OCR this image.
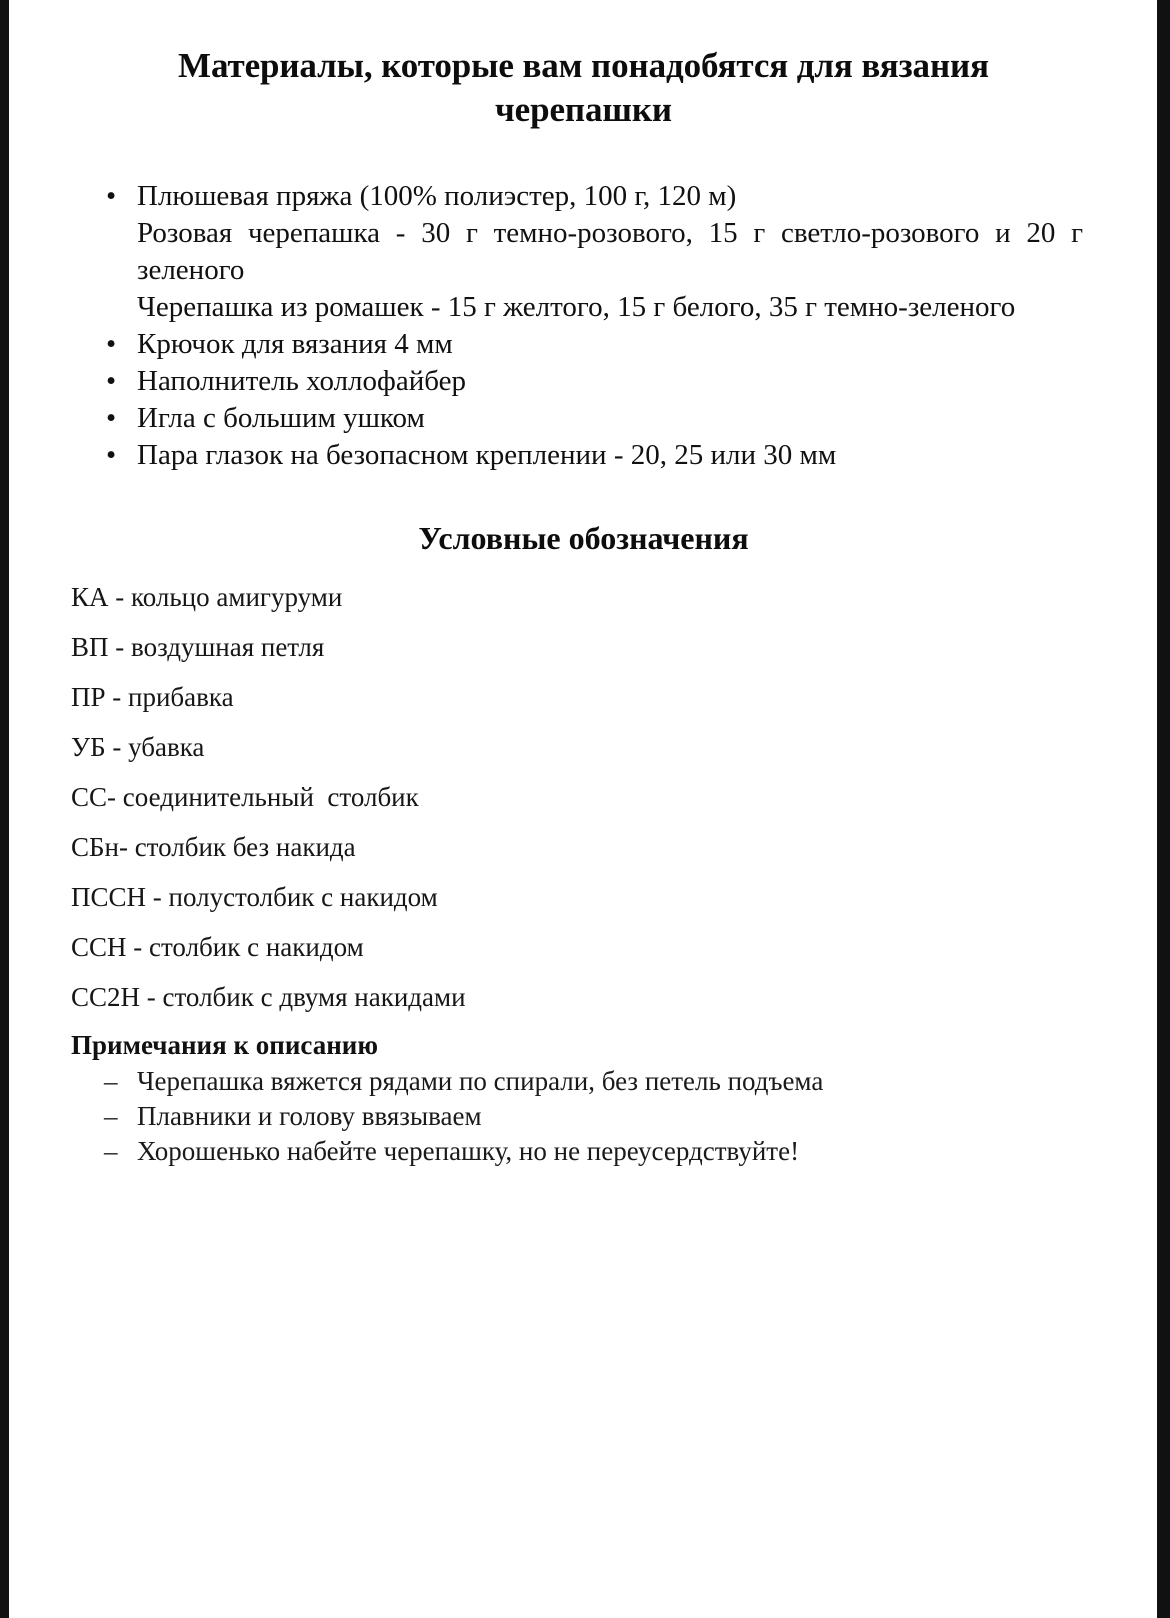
Материалы, которые вам понадобятся для вязания черепашки
• Плюшевая пряжа (100% полиэстер, 100 г, 120 м)
Розовая черепашка - 30 г темно-розового, 15 г светло-розового и 20 г зеленого
Черепашка из ромашек - 15 г желтого, 15 г белого, 35 г темно-зеленого
• Крючок для вязания 4 мм
• Наполнитель холлофайбер
• Игла с большим ушком
• Пара глазок на безопасном креплении - 20, 25 или 30 мм
Условные обозначения
КА - кольцо амигуруми
ВП - воздушная петля
ПР - прибавка
УБ - убавка
СС- соединительный  столбик
СБн- столбик без накида
ПССН - полустолбик с накидом
ССН - столбик с накидом
СС2Н - столбик с двумя накидами
Примечания к описанию
– Черепашка вяжется рядами по спирали, без петель подъема
– Плавники и голову ввязываем
– Хорошенько набейте черепашку, но не переусердствуйте!
